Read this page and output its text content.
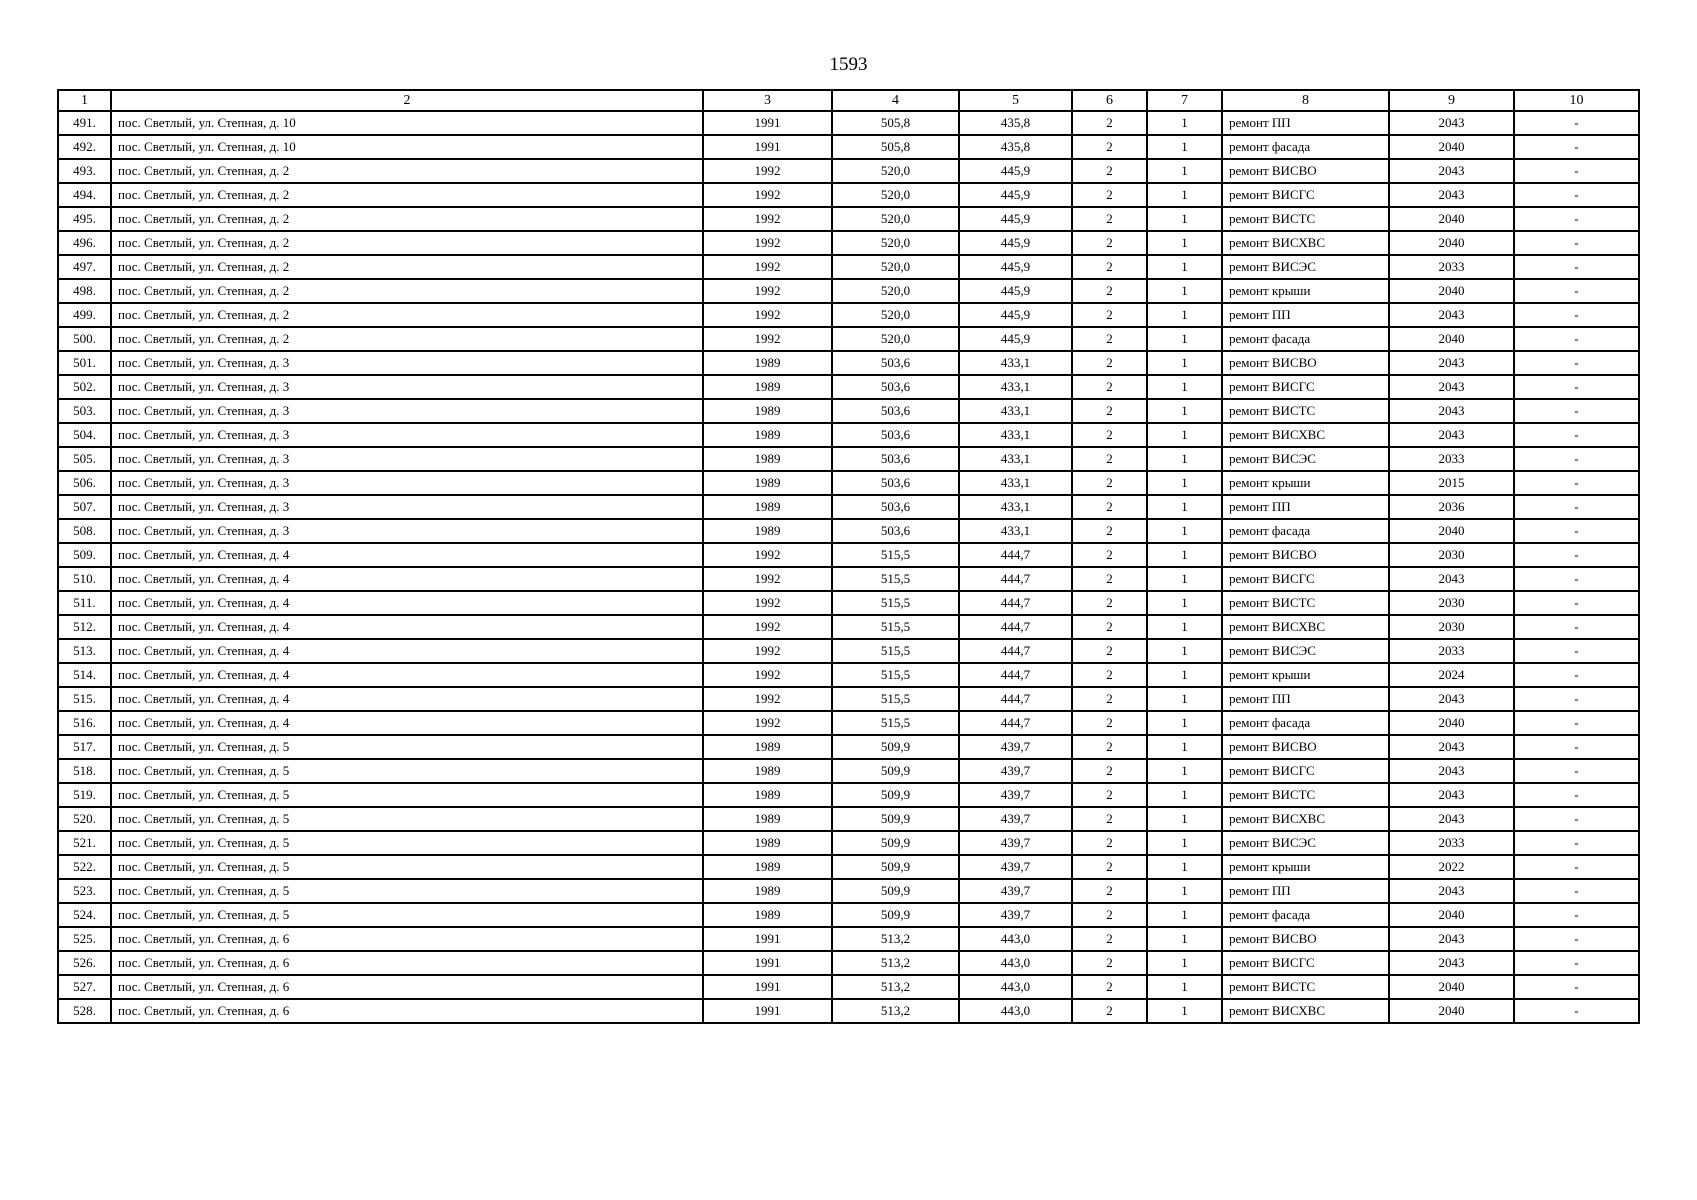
1593
1	2	3	4	5	6	7	8	9	10
491.	пос. Светлый, ул. Степная, д. 10	1991	505,8	435,8	2	1	ремонт ПП	2043	-
492.	пос. Светлый, ул. Степная, д. 10	1991	505,8	435,8	2	1	ремонт фасада	2040	-
493.	пос. Светлый, ул. Степная, д. 2	1992	520,0	445,9	2	1	ремонт ВИСВО	2043	-
494.	пос. Светлый, ул. Степная, д. 2	1992	520,0	445,9	2	1	ремонт ВИСГС	2043	-
495.	пос. Светлый, ул. Степная, д. 2	1992	520,0	445,9	2	1	ремонт ВИСТС	2040	-
496.	пос. Светлый, ул. Степная, д. 2	1992	520,0	445,9	2	1	ремонт ВИСХВС	2040	-
497.	пос. Светлый, ул. Степная, д. 2	1992	520,0	445,9	2	1	ремонт ВИСЭС	2033	-
498.	пос. Светлый, ул. Степная, д. 2	1992	520,0	445,9	2	1	ремонт крыши	2040	-
499.	пос. Светлый, ул. Степная, д. 2	1992	520,0	445,9	2	1	ремонт ПП	2043	-
500.	пос. Светлый, ул. Степная, д. 2	1992	520,0	445,9	2	1	ремонт фасада	2040	-
501.	пос. Светлый, ул. Степная, д. 3	1989	503,6	433,1	2	1	ремонт ВИСВО	2043	-
502.	пос. Светлый, ул. Степная, д. 3	1989	503,6	433,1	2	1	ремонт ВИСГС	2043	-
503.	пос. Светлый, ул. Степная, д. 3	1989	503,6	433,1	2	1	ремонт ВИСТС	2043	-
504.	пос. Светлый, ул. Степная, д. 3	1989	503,6	433,1	2	1	ремонт ВИСХВС	2043	-
505.	пос. Светлый, ул. Степная, д. 3	1989	503,6	433,1	2	1	ремонт ВИСЭС	2033	-
506.	пос. Светлый, ул. Степная, д. 3	1989	503,6	433,1	2	1	ремонт крыши	2015	-
507.	пос. Светлый, ул. Степная, д. 3	1989	503,6	433,1	2	1	ремонт ПП	2036	-
508.	пос. Светлый, ул. Степная, д. 3	1989	503,6	433,1	2	1	ремонт фасада	2040	-
509.	пос. Светлый, ул. Степная, д. 4	1992	515,5	444,7	2	1	ремонт ВИСВО	2030	-
510.	пос. Светлый, ул. Степная, д. 4	1992	515,5	444,7	2	1	ремонт ВИСГС	2043	-
511.	пос. Светлый, ул. Степная, д. 4	1992	515,5	444,7	2	1	ремонт ВИСТС	2030	-
512.	пос. Светлый, ул. Степная, д. 4	1992	515,5	444,7	2	1	ремонт ВИСХВС	2030	-
513.	пос. Светлый, ул. Степная, д. 4	1992	515,5	444,7	2	1	ремонт ВИСЭС	2033	-
514.	пос. Светлый, ул. Степная, д. 4	1992	515,5	444,7	2	1	ремонт крыши	2024	-
515.	пос. Светлый, ул. Степная, д. 4	1992	515,5	444,7	2	1	ремонт ПП	2043	-
516.	пос. Светлый, ул. Степная, д. 4	1992	515,5	444,7	2	1	ремонт фасада	2040	-
517.	пос. Светлый, ул. Степная, д. 5	1989	509,9	439,7	2	1	ремонт ВИСВО	2043	-
518.	пос. Светлый, ул. Степная, д. 5	1989	509,9	439,7	2	1	ремонт ВИСГС	2043	-
519.	пос. Светлый, ул. Степная, д. 5	1989	509,9	439,7	2	1	ремонт ВИСТС	2043	-
520.	пос. Светлый, ул. Степная, д. 5	1989	509,9	439,7	2	1	ремонт ВИСХВС	2043	-
521.	пос. Светлый, ул. Степная, д. 5	1989	509,9	439,7	2	1	ремонт ВИСЭС	2033	-
522.	пос. Светлый, ул. Степная, д. 5	1989	509,9	439,7	2	1	ремонт крыши	2022	-
523.	пос. Светлый, ул. Степная, д. 5	1989	509,9	439,7	2	1	ремонт ПП	2043	-
524.	пос. Светлый, ул. Степная, д. 5	1989	509,9	439,7	2	1	ремонт фасада	2040	-
525.	пос. Светлый, ул. Степная, д. 6	1991	513,2	443,0	2	1	ремонт ВИСВО	2043	-
526.	пос. Светлый, ул. Степная, д. 6	1991	513,2	443,0	2	1	ремонт ВИСГС	2043	-
527.	пос. Светлый, ул. Степная, д. 6	1991	513,2	443,0	2	1	ремонт ВИСТС	2040	-
528.	пос. Светлый, ул. Степная, д. 6	1991	513,2	443,0	2	1	ремонт ВИСХВС	2040	-
